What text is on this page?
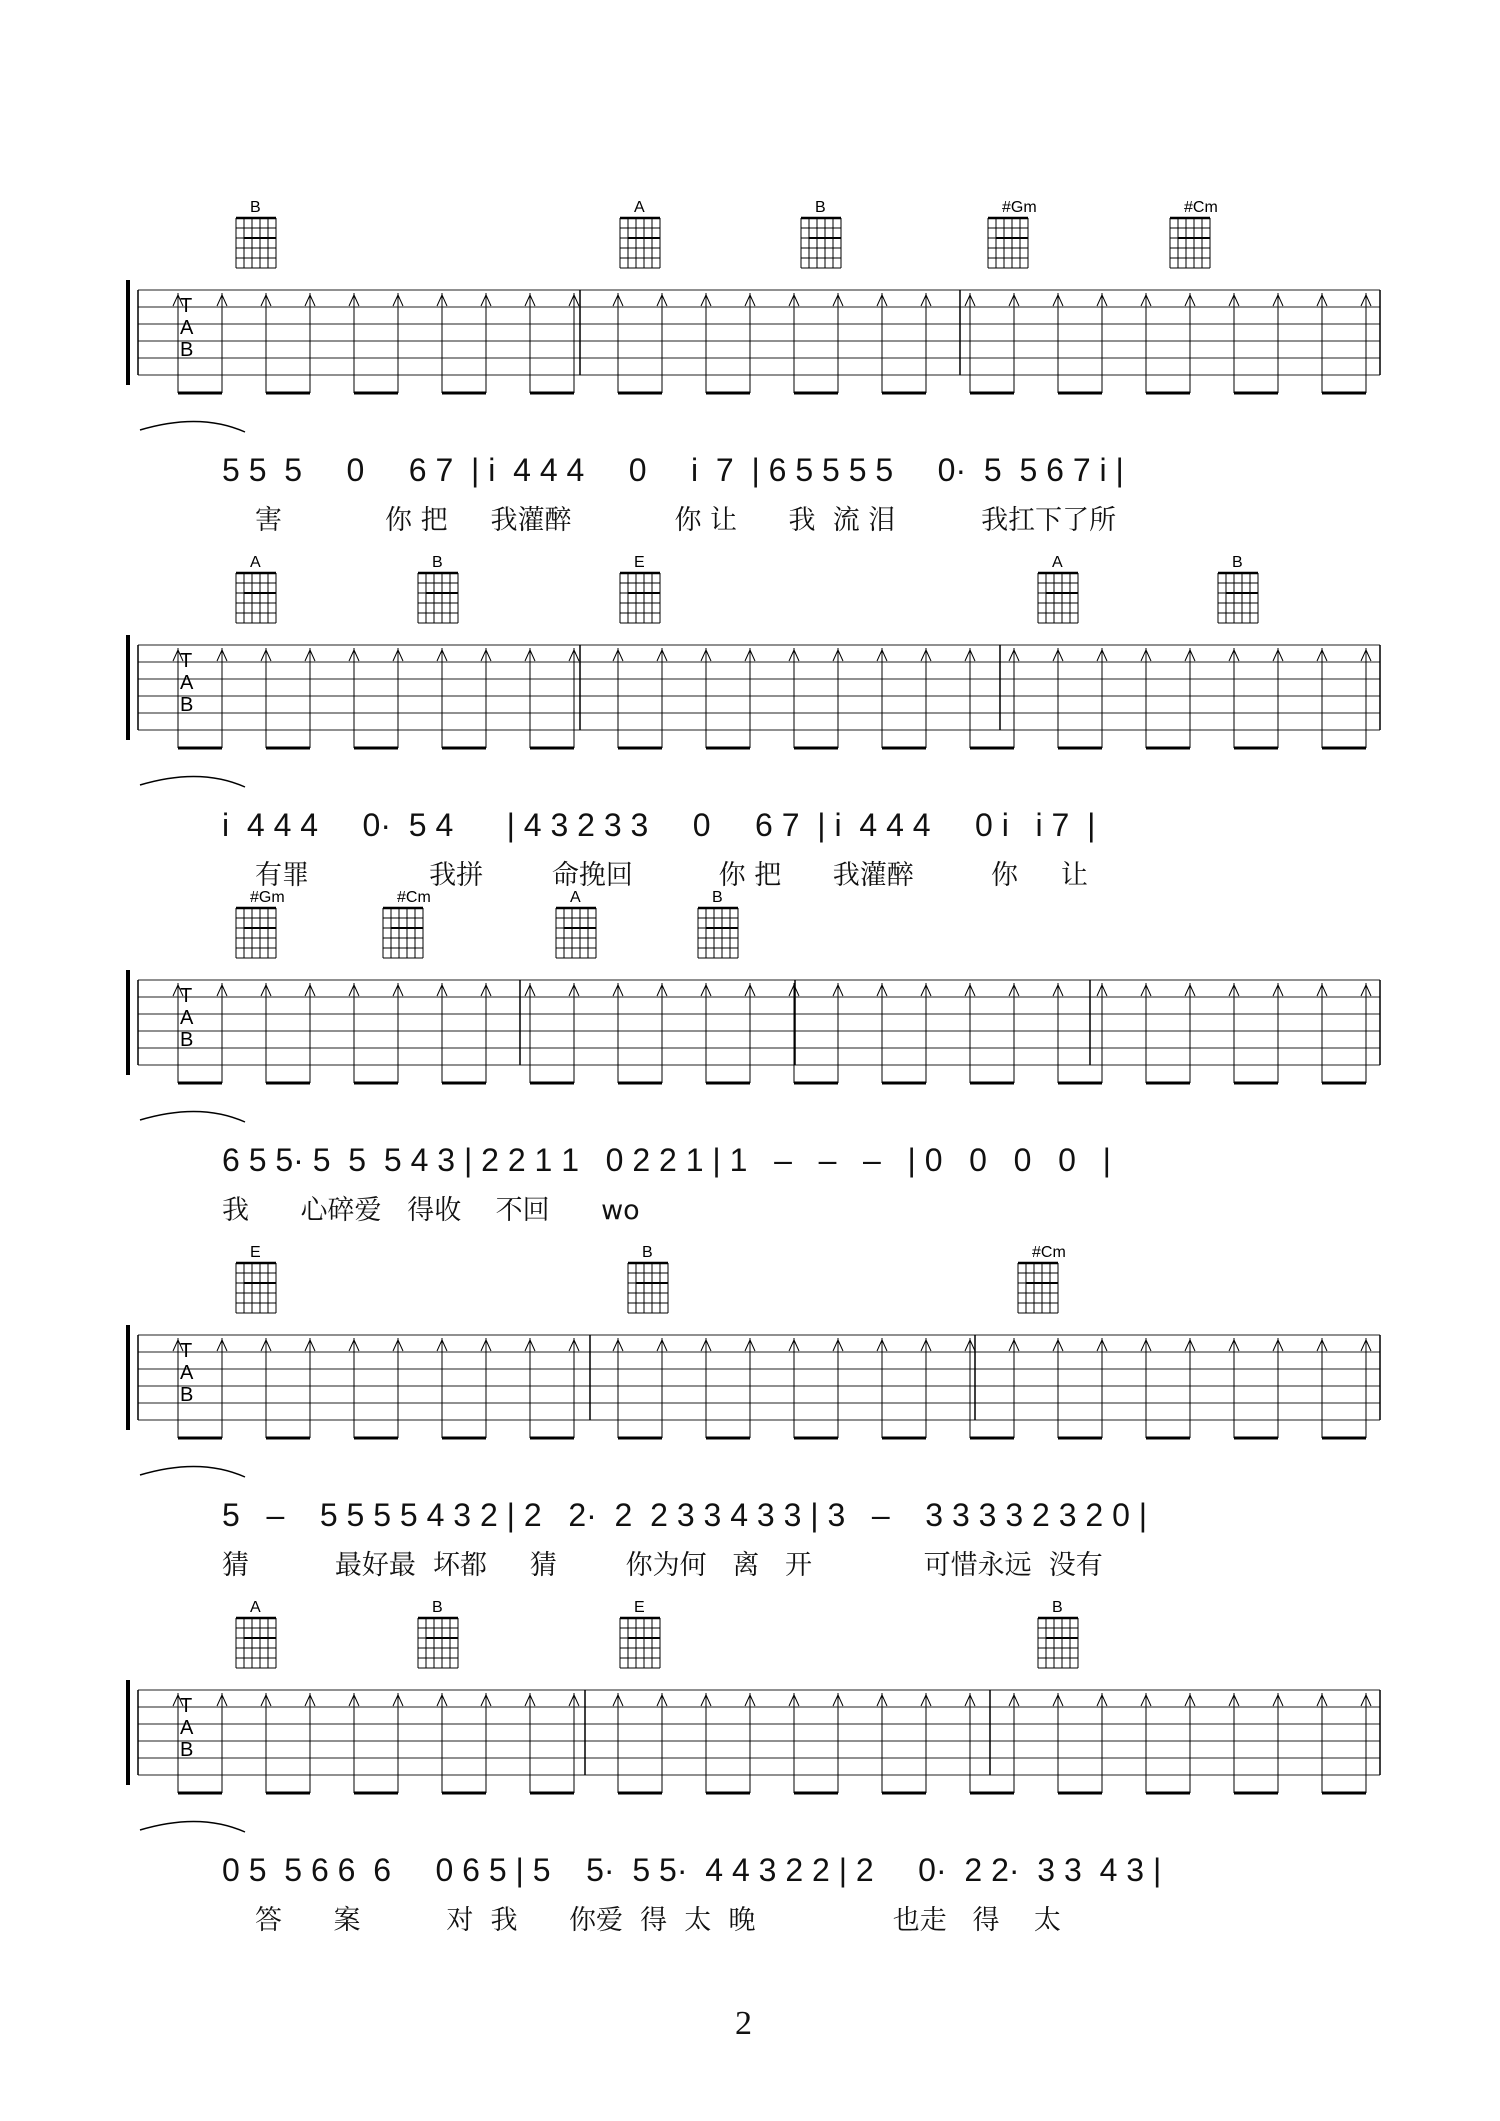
T
A
B
B	A	B	#Gm	#Cm
5 5  5     0     6 7  | i  4 4 4     0     i  7  | 6 5 5 5 5     0·  5  5 6 7 i |
害            你 把     我灌醉            你 让      我  流 泪          我扛下了所
T
A
B
A	B	E	A	B
i  4 4 4     0·  5 4      | 4 3 2 3 3     0     6 7  | i  4 4 4     0 i   i 7  |
有罪              我拼        命挽回          你 把      我灌醉         你     让
T
A
B
#Gm	#Cm	A	B
6 5 5· 5  5  5 4 3 | 2 2 1 1   0 2 2 1 | 1   –   –   –   | 0   0   0   0   |
我      心碎爱   得收    不回      wo
T
A
B
E	B	#Cm
5   –    5 5 5 5 4 3 2 | 2   2·  2  2 3 3 4 3 3 | 3   –    3 3 3 3 2 3 2 0 |
猜          最好最  坏都     猜        你为何   离   开             可惜永远  没有
T
A
B
A	B	E	B
0 5  5 6 6  6     0 6 5 | 5    5·  5 5·  4 4 3 2 2 | 2     0·  2 2·  3 3  4 3 |
答      案          对  我      你爱  得  太  晚                也走   得    太
2
